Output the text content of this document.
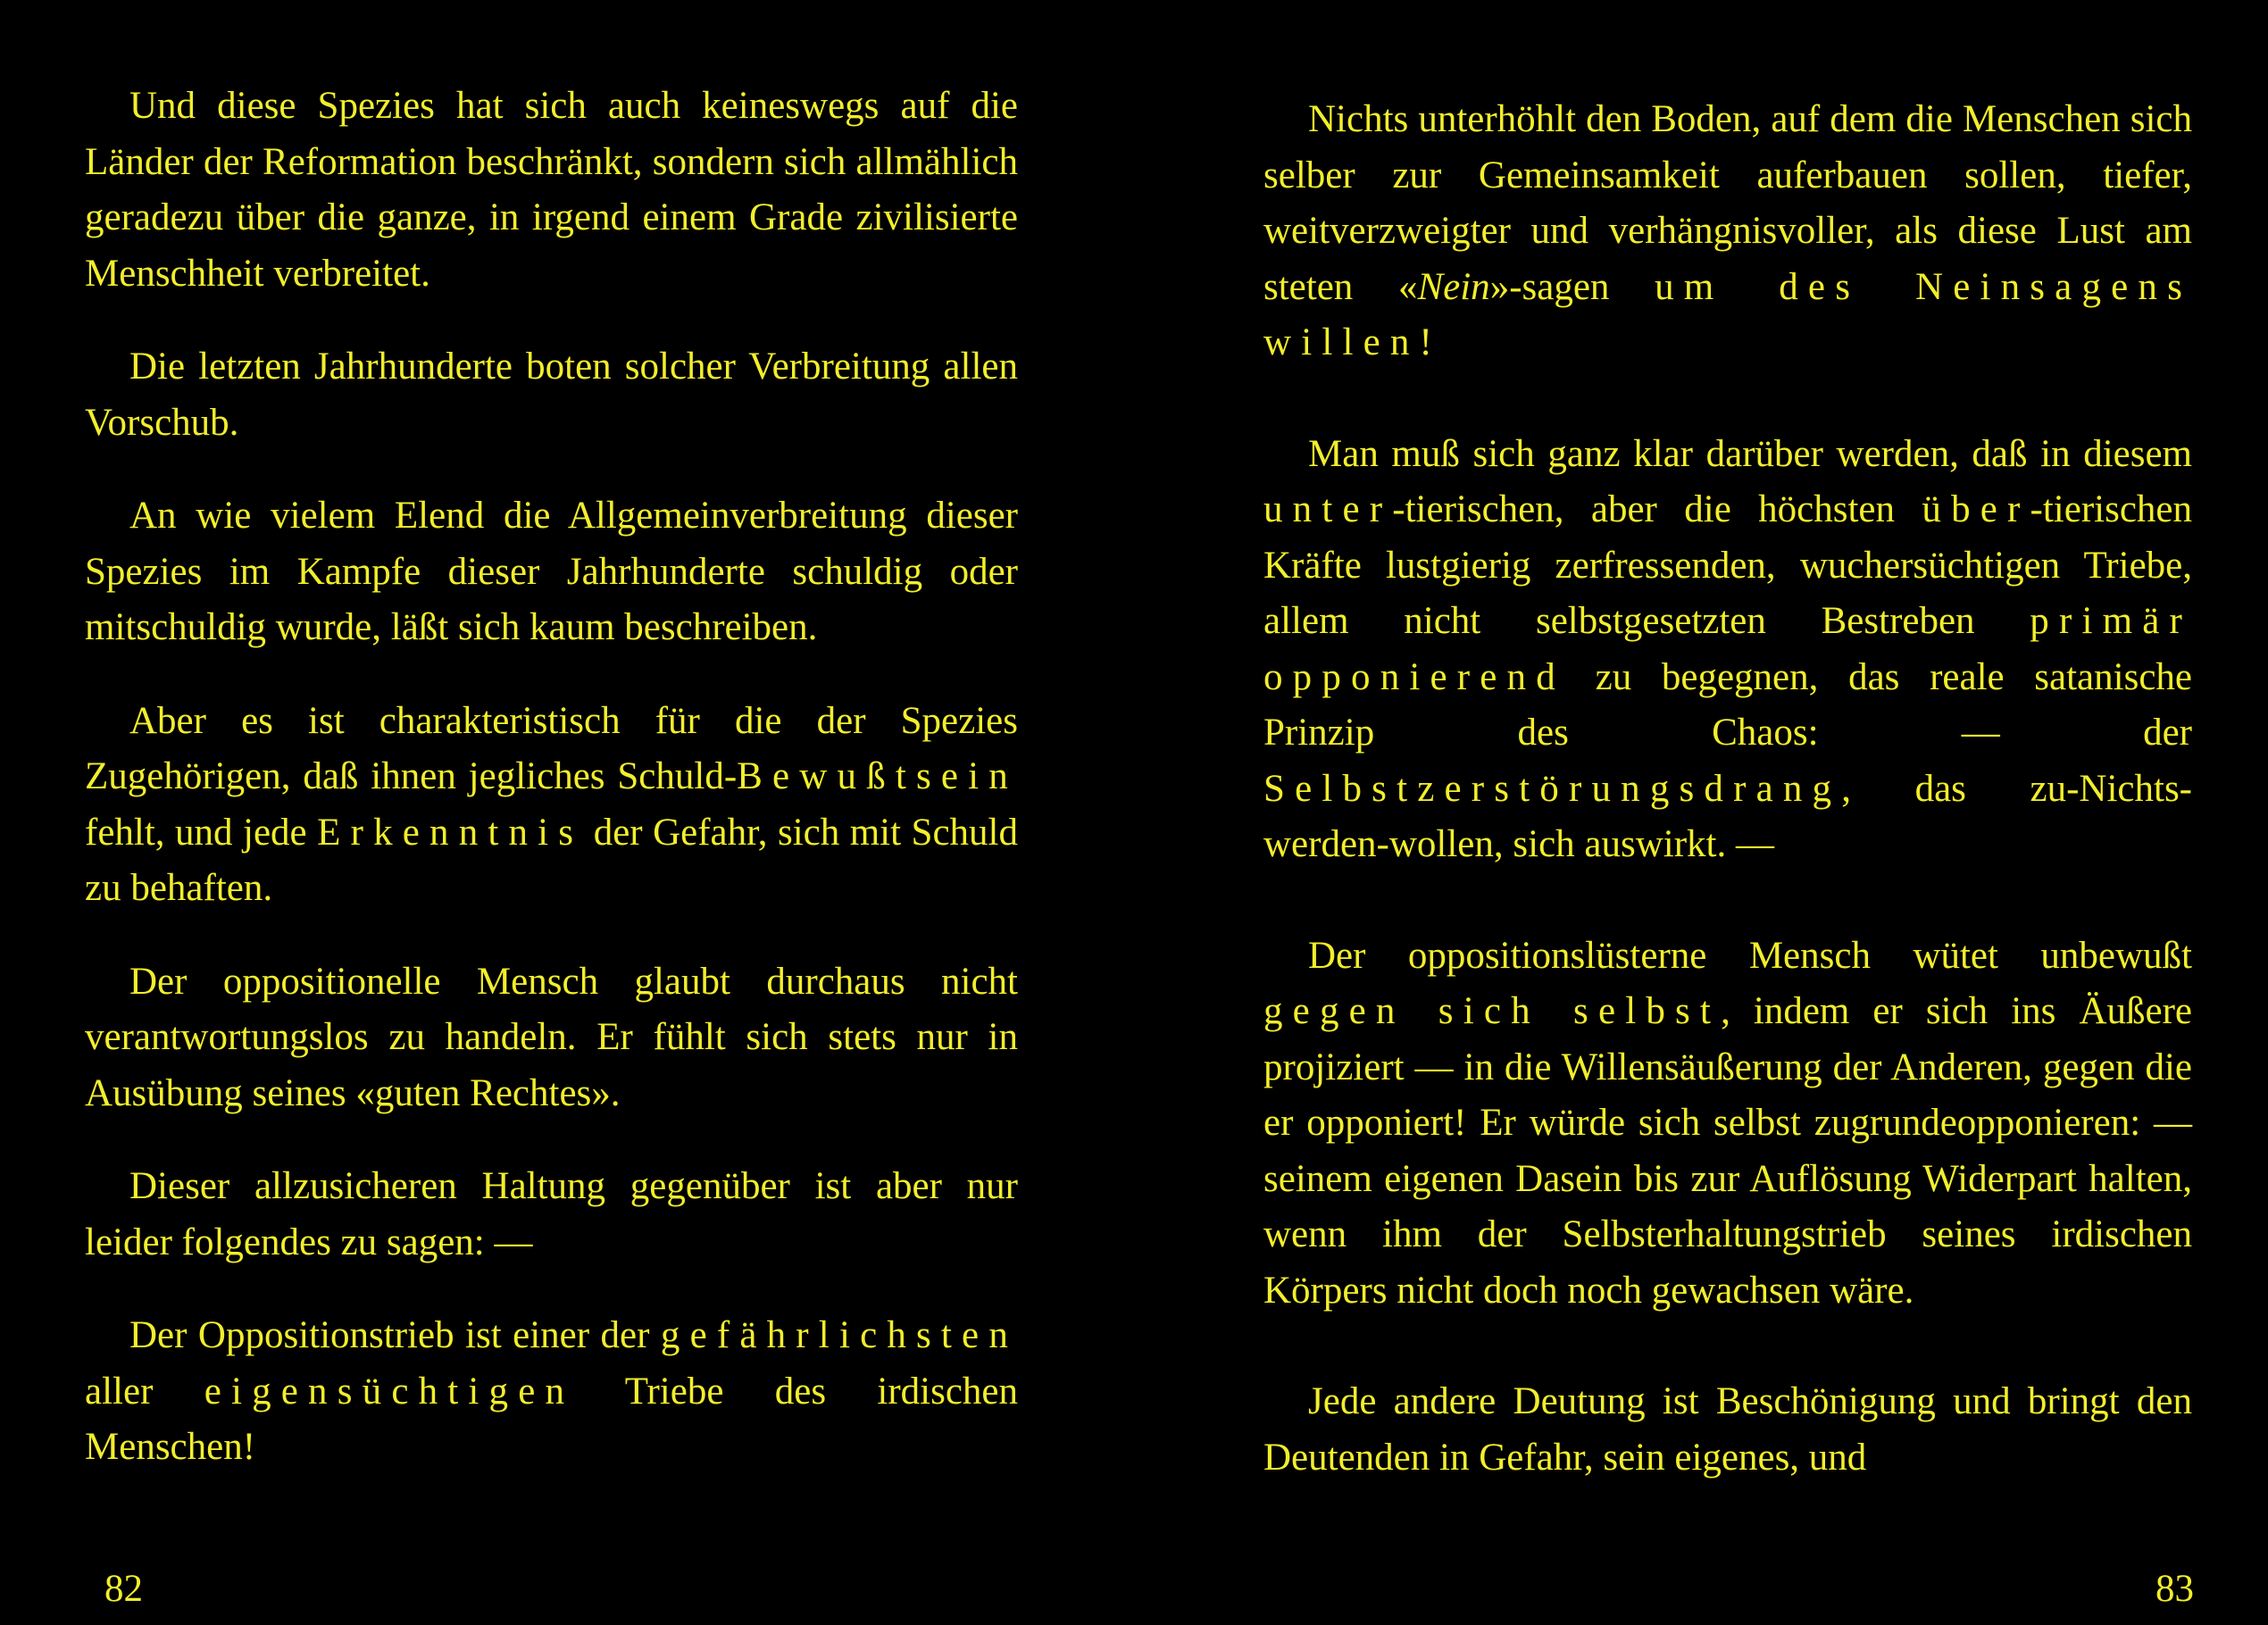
Und diese Spezies hat sich auch keineswegs auf die Länder der Reformation beschränkt, sondern sich allmählich geradezu über die ganze, in irgend einem Grade zivilisierte Menschheit verbreitet.

Die letzten Jahrhunderte boten solcher Verbreitung allen Vorschub.

An wie vielem Elend die Allgemeinverbreitung dieser Spezies im Kampfe dieser Jahrhunderte schuldig oder mitschuldig wurde, läßt sich kaum beschreiben.

Aber es ist charakteristisch für die der Spezies Zugehörigen, daß ihnen jegliches Schuld-Bewußtsein fehlt, und jede Erkenntnis der Gefahr, sich mit Schuld zu behaften.

Der oppositionelle Mensch glaubt durchaus nicht verantwortungslos zu handeln. Er fühlt sich stets nur in Ausübung seines «guten Rechtes».

Dieser allzusicheren Haltung gegenüber ist aber nur leider folgendes zu sagen: —

Der Oppositionstrieb ist einer der gefährlichsten aller eigensüchtigen Triebe des irdischen Menschen!

82

Nichts unterhöhlt den Boden, auf dem die Menschen sich selber zur Gemeinsamkeit auferbauen sollen, tiefer, weitverzweigter und verhängnisvoller, als diese Lust am steten «Nein»-sagen um des Neinsagens willen!

Man muß sich ganz klar darüber werden, daß in diesem unter-tierischen, aber die höchsten über-tierischen Kräfte lustgierig zerfressenden, wuchersüchtigen Triebe, allem nicht selbstgesetzten Bestreben primär opponierend zu begegnen, das reale satanische Prinzip des Chaos: — der Selbstzerstörungsdrang, das zu-Nichts-werden-wollen, sich auswirkt. —

Der oppositionslüsterne Mensch wütet unbewußt gegen sich selbst, indem er sich ins Äußere projiziert — in die Willensäußerung der Anderen, gegen die er opponiert! Er würde sich selbst zugrundeopponieren: — seinem eigenen Dasein bis zur Auflösung Widerpart halten, wenn ihm der Selbsterhaltungstrieb seines irdischen Körpers nicht doch noch gewachsen wäre.

Jede andere Deutung ist Beschönigung und bringt den Deutenden in Gefahr, sein eigenes, und

83
